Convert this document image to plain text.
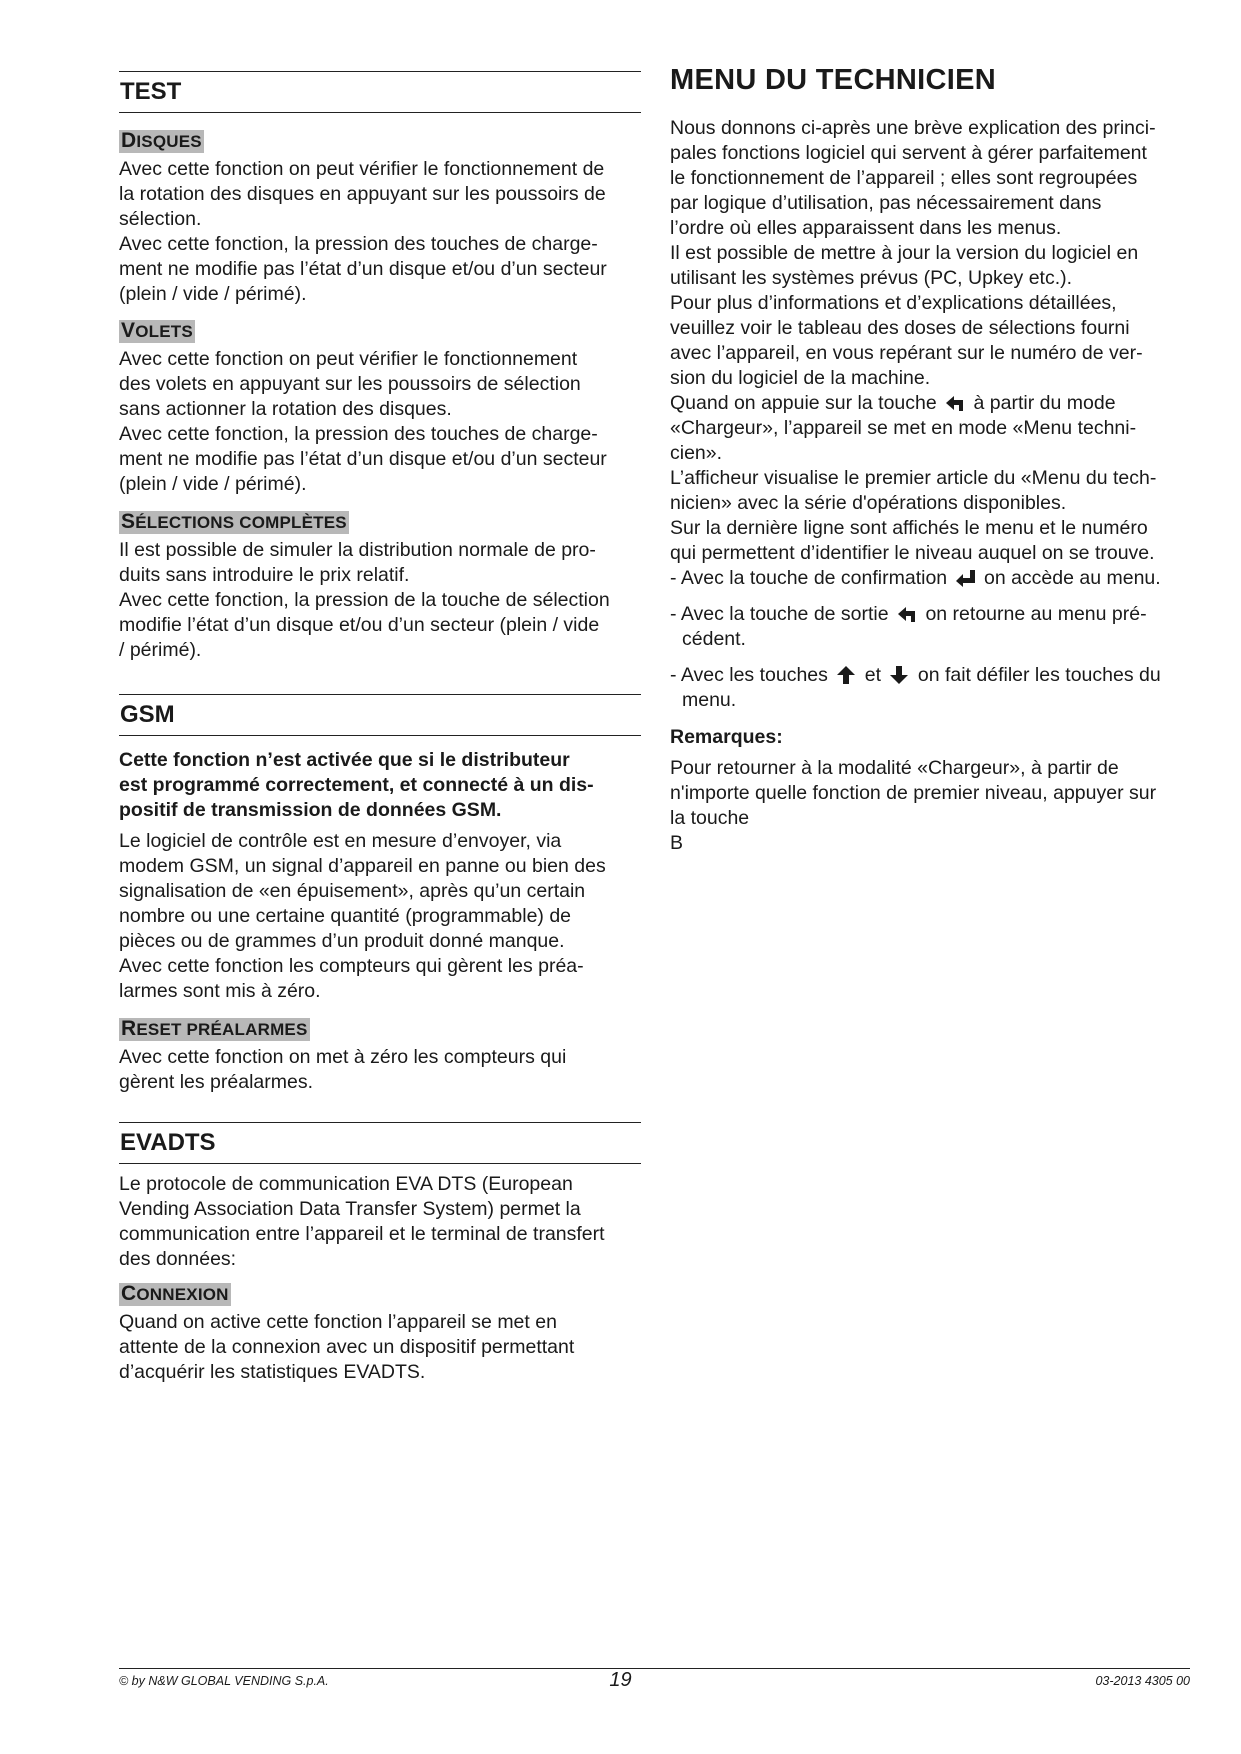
TEST
DISQUES

Avec cette fonction on peut vérifier le fonctionnement de

la rotation des disques en appuyant sur les poussoirs de

sélection.

Avec cette fonction, la pression des touches de charge-

ment ne modifie pas l’état d’un disque et/ou d’un secteur

(plein / vide / périmé).

VOLETS

Avec cette fonction on peut vérifier le fonctionnement

des volets en appuyant sur les poussoirs de sélection

sans actionner la rotation des disques.

Avec cette fonction, la pression des touches de charge-

ment ne modifie pas l’état d’un disque et/ou d’un secteur

(plein / vide / périmé).

SÉLECTIONS COMPLÈTES

Il est possible de simuler la distribution normale de pro-

duits sans introduire le prix relatif.

Avec cette fonction, la pression de la touche de sélection

modifie l’état d’un disque et/ou d’un secteur (plein / vide

/ périmé).

GSM

Cette fonction n’est activée que si le distributeur

est programmé correctement, et connecté à un dis-

positif de transmission de données GSM.

Le logiciel de contrôle est en mesure d’envoyer, via

modem GSM, un signal d’appareil en panne ou bien des

signalisation de «en épuisement», après qu’un certain

nombre ou une certaine quantité (programmable) de

pièces ou de grammes d’un produit donné manque.

Avec cette fonction les compteurs qui gèrent les préa-

larmes sont mis à zéro.

RESET PRÉALARMES

Avec cette fonction on met à zéro les compteurs qui

gèrent les préalarmes.

EVADTS

Le protocole de communication EVA DTS (European

Vending Association Data Transfer System) permet la

communication entre l’appareil et le terminal de transfert

des données:

CONNEXION

Quand on active cette fonction l’appareil se met en

attente de la connexion avec un dispositif permettant

d’acquérir les statistiques EVADTS.

MENU DU TECHNICIEN

Nous donnons ci-après une brève explication des princi-

pales fonctions logiciel qui servent à gérer parfaitement

le fonctionnement de l’appareil ; elles sont regroupées

par logique d’utilisation, pas nécessairement dans

l’ordre où elles apparaissent dans les menus.

Il est possible de mettre à jour la version du logiciel en

utilisant les systèmes prévus (PC, Upkey etc.).

Pour plus d’informations et d’explications détaillées,

veuillez voir le tableau des doses de sélections fourni

avec l’appareil, en vous repérant sur le numéro de ver-

sion du logiciel de la machine.

Quand on appuie sur la touche à partir du mode

«Chargeur», l’appareil se met en mode «Menu techni-

cien».

L’afficheur visualise le premier article du «Menu du tech-

nicien» avec la série d'opérations disponibles.

Sur la dernière ligne sont affichés le menu et le numéro

qui permettent d’identifier le niveau auquel on se trouve.

- Avec la touche de confirmation on accède au menu.

- Avec la touche de sortie on retourne au menu pré-

cédent.

- Avec les touches et on fait défiler les touches du

menu.

Remarques:

Pour retourner à la modalité «Chargeur», à partir de

n'importe quelle fonction de premier niveau, appuyer sur

la touche

B

© by N&W GLOBAL VENDING S.p.A.	19	03-2013 4305 00
